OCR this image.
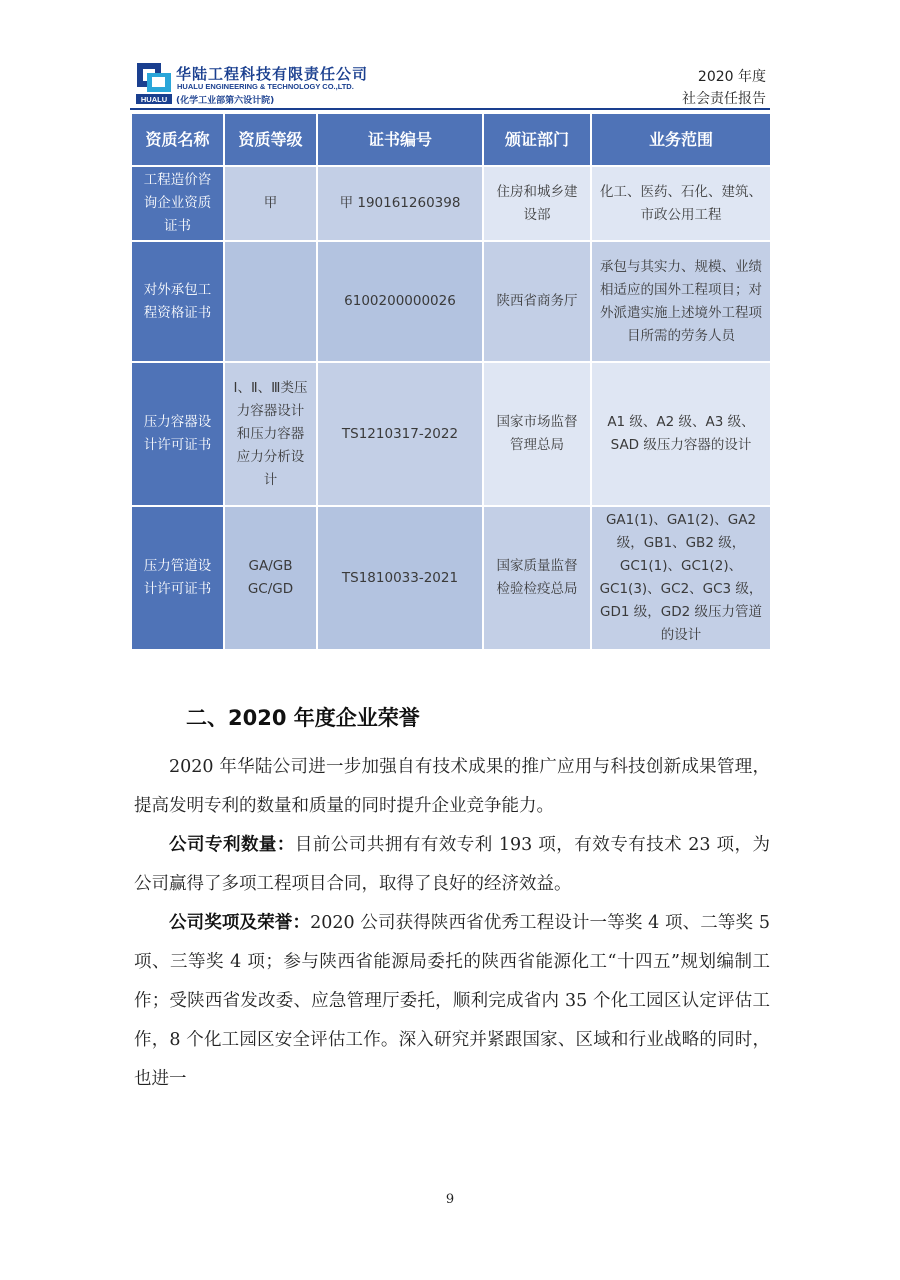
HUALU
华陆工程科技有限责任公司
HUALU ENGINEERING & TECHNOLOGY CO.,LTD.
(化学工业部第六设计院)
2020 年度
社会责任报告
资质名称	资质等级	证书编号	颁证部门	业务范围
工程造价咨询企业资质证书	甲	甲 190161260398	住房和城乡建设部	化工、医药、石化、建筑、市政公用工程
对外承包工程资格证书		6100200000026	陕西省商务厅	承包与其实力、规模、业绩相适应的国外工程项目；对外派遣实施上述境外工程项目所需的劳务人员
压力容器设计许可证书	Ⅰ、Ⅱ、Ⅲ类压力容器设计和压力容器应力分析设计	TS1210317-2022	国家市场监督管理总局	A1 级、A2 级、A3 级、SAD 级压力容器的设计
压力管道设计许可证书	GA/GB GC/GD	TS1810033-2021	国家质量监督检验检疫总局	GA1(1)、GA1(2)、GA2 级，GB1、GB2 级，GC1(1)、GC1(2)、GC1(3)、GC2、GC3 级，GD1 级，GD2 级压力管道的设计
二、2020 年度企业荣誉

2020 年华陆公司进一步加强自有技术成果的推广应用与科技创新成果管理，提高发明专利的数量和质量的同时提升企业竞争能力。

公司专利数量：目前公司共拥有有效专利 193 项，有效专有技术 23 项，为公司赢得了多项工程项目合同，取得了良好的经济效益。

公司奖项及荣誉：2020 公司获得陕西省优秀工程设计一等奖 4 项、二等奖 5 项、三等奖 4 项；参与陕西省能源局委托的陕西省能源化工“十四五”规划编制工作；受陕西省发改委、应急管理厅委托，顺利完成省内 35 个化工园区认定评估工作，8 个化工园区安全评估工作。深入研究并紧跟国家、区域和行业战略的同时，也进一

9
